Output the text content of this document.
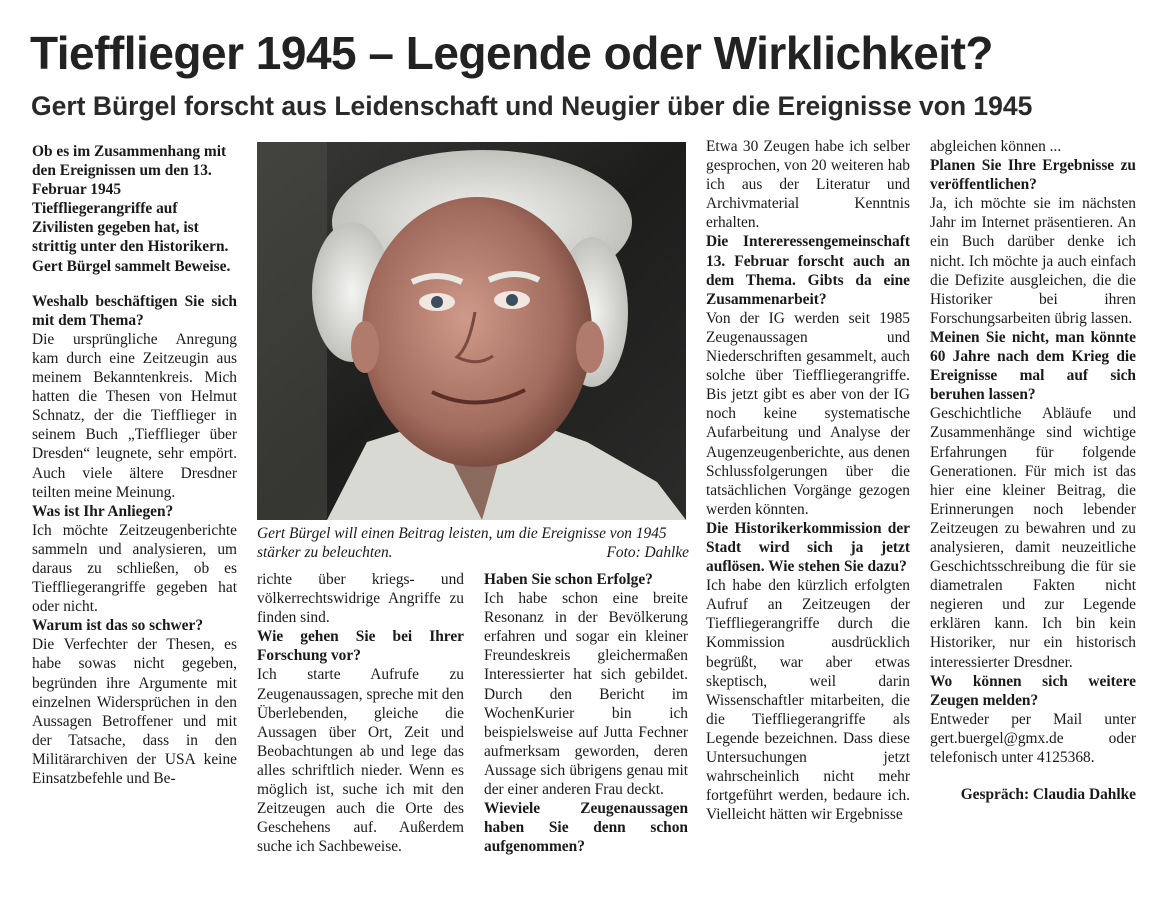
Tiefflieger 1945 – Legende oder Wirklichkeit?
Gert Bürgel forscht aus Leidenschaft und Neugier über die Ereignisse von 1945

Ob es im Zusammenhang mit den Ereignissen um den 13. Februar 1945 Tieffliegerangriffe auf Zivilisten gegeben hat, ist strittig unter den Historikern. Gert Bürgel sammelt Beweise.

Weshalb beschäftigen Sie sich mit dem Thema?

Die ursprüngliche Anregung kam durch eine Zeitzeugin aus meinem Bekanntenkreis. Mich hatten die Thesen von Helmut Schnatz, der die Tiefflieger in seinem Buch „Tiefflieger über Dresden“ leugnete, sehr empört. Auch viele ältere Dresdner teilten meine Meinung.

Was ist Ihr Anliegen?

Ich möchte Zeitzeugenberichte sammeln und analysieren, um daraus zu schließen, ob es Tieffliegerangriffe gegeben hat oder nicht.

Warum ist das so schwer?

Die Verfechter der Thesen, es habe sowas nicht gegeben, begründen ihre Argumente mit einzelnen Widersprüchen in den Aussagen Betroffener und mit der Tatsache, dass in den Militärarchiven der USA keine Einsatzbefehle und Be-

Gert Bürgel will einen Beitrag leisten, um die Ereignisse von 1945 stärker zu beleuchten.	Foto: Dahlke

richte über kriegs- und völkerrechtswidrige Angriffe zu finden sind.

Wie gehen Sie bei Ihrer Forschung vor?

Ich starte Aufrufe zu Zeugenaussagen, spreche mit den Überlebenden, gleiche die Aussagen über Ort, Zeit und Beobachtungen ab und lege das alles schriftlich nieder. Wenn es möglich ist, suche ich mit den Zeitzeugen auch die Orte des Geschehens auf. Außerdem suche ich Sachbeweise.

Haben Sie schon Erfolge?

Ich habe schon eine breite Resonanz in der Bevölkerung erfahren und sogar ein kleiner Freundeskreis gleichermaßen Interessierter hat sich gebildet. Durch den Bericht im WochenKurier bin ich beispielsweise auf Jutta Fechner aufmerksam geworden, deren Aussage sich übrigens genau mit der einer anderen Frau deckt.

Wieviele Zeugenaussagen haben Sie denn schon aufgenommen?

Etwa 30 Zeugen habe ich selber gesprochen, von 20 weiteren hab ich aus der Literatur und Archivmaterial Kenntnis erhalten.

Die Intereressengemeinschaft 13. Februar forscht auch an dem Thema. Gibts da eine Zusammenarbeit?

Von der IG werden seit 1985 Zeugenaussagen und Niederschriften gesammelt, auch solche über Tieffliegerangriffe. Bis jetzt gibt es aber von der IG noch keine systematische Aufarbeitung und Analyse der Augenzeugenberichte, aus denen Schlussfolgerungen über die tatsächlichen Vorgänge gezogen werden könnten.

Die Historikerkommission der Stadt wird sich ja jetzt auflösen. Wie stehen Sie dazu?

Ich habe den kürzlich erfolgten Aufruf an Zeitzeugen der Tieffliegerangriffe durch die Kommission ausdrücklich begrüßt, war aber etwas skeptisch, weil darin Wissenschaftler mitarbeiten, die die Tieffliegerangriffe als Legende bezeichnen. Dass diese Untersuchungen jetzt wahrscheinlich nicht mehr fortgeführt werden, bedaure ich. Vielleicht hätten wir Ergebnisse

abgleichen können ...

Planen Sie Ihre Ergebnisse zu veröffentlichen?

Ja, ich möchte sie im nächsten Jahr im Internet präsentieren. An ein Buch darüber denke ich nicht. Ich möchte ja auch einfach die Defizite ausgleichen, die die Historiker bei ihren Forschungsarbeiten übrig lassen.

Meinen Sie nicht, man könnte 60 Jahre nach dem Krieg die Ereignisse mal auf sich beruhen lassen?

Geschichtliche Abläufe und Zusammenhänge sind wichtige Erfahrungen für folgende Generationen. Für mich ist das hier eine kleiner Beitrag, die Erinnerungen noch lebender Zeitzeugen zu bewahren und zu analysieren, damit neuzeitliche Geschichtsschreibung die für sie diametralen Fakten nicht negieren und zur Legende erklären kann. Ich bin kein Historiker, nur ein historisch interessierter Dresdner.

Wo können sich weitere Zeugen melden?

Entweder per Mail unter gert.buergel@gmx.de oder telefonisch unter 4125368.

Gespräch: Claudia Dahlke
